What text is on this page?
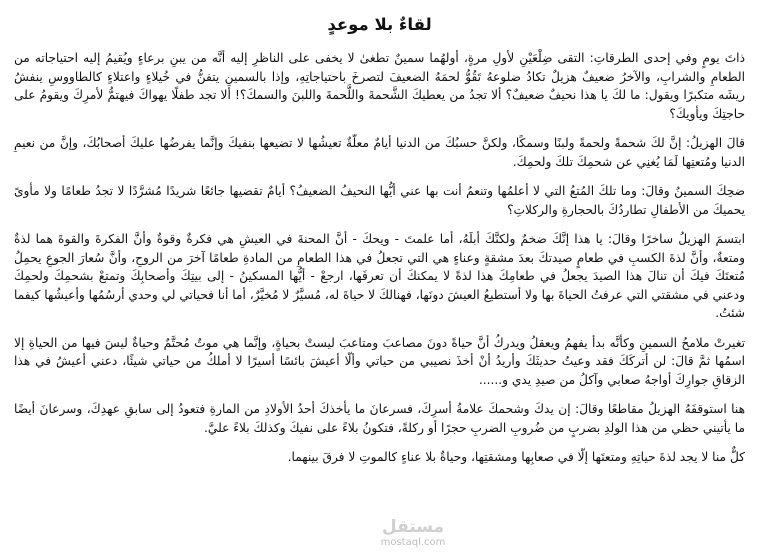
لقاءٌ بلا موعدٍ

ذاتَ يومٍ وفي إحدى الطرقاتِ: التقى ضِلْعَيْنِ لأولِ مرةٍ، أولهُما سمينٌ تطغىٰ لا يخفى على الناظرِ إليه أنَّه من يبنِ برعاءٍ ويُقيمُ إليه احتياجاته من الطعامِ والشرابِ، والآخرُ ضعيفٌ هزيلٌ تكادُ ضلوعهُ تَقُوُّ لحمَهُ الضعيفَ لتصرخَ باحتياجاتِهِ، وإذا بالسمينِ يتفنُّ في خُيلاءٍ واعتلاءٍ كالطاووسِ ينفشُ ريشَه متكبرًا ويقول: ما لكَ يا هذا نحيفٌ ضعيفٌ؟ ألا تجدُ من يعطيكَ الشَّحمةَ واللَّحمةَ واللبنَ والسمكَ؟! ألا تجد طفلًا يهواكَ فيهتمُّ لأمرِكَ ويقومُ على حاجتِكَ ويأويكَ؟

قالَ الهزيلُ: إنَّ لكَ شحمةً ولحمةً ولبنًا وسمكًا، ولكنَّ حسبُكَ من الدنيا أيامٌ معلّةٌ تعيشُها لا تضيعها بنفيكَ وإنَّما يفرضُها عليكَ أصحابُكَ، وإنَّ من نعيمِ الدنيا ومُتعتِها لَمَا يُغنِي عن شحمِكَ تلكَ ولحمِكَ.

ضحِكَ السمينُ وقالَ: وما تلكَ المُتعُ التي لا أعلمُها وتنعمُ أنت بها عني أيُّها النحيفُ الضعيفُ؟ أيامٌ تقضيها جائعًا شريدًا مُشرَّدًا لا تجدُ طعامًا ولا مأوىً يحميكَ من الأطفالِ تطاردُكَ بالحجارةِ والركلاتِ؟

ابتسمَ الهزيلُ ساخرًا وقالَ: يا هذا إنَّكَ ضخمٌ ولكنَّكَ أبلَهُ، أما علمتَ - ويحكَ - أنَّ المحنةَ في العيشِ هي فكرةٌ وقوةٌ وأنَّ الفكرةَ والقوةَ هما لذةٌ ومتعةٌ، وأنَّ لذةَ الكسبِ في طعامٍ صيدتكَ بعدَ مشقةٍ وعناءٍ هي التي تجعلُ في هذا الطعامِ من المادةِ طعامًا آخرَ من الروحِ، وأنَّ سُعارَ الجوعِ يحمِلُ مُتعتَكَ فيكَ أن تنالَ هذا الصيدَ يجعلُ في طعامِكَ هذا لذةً لا يمكنكَ أن تعرفَها، ارجعْ - أيُّها المسكينُ - إلى بيتِكَ وأصحابِكَ وتمتعْ بشحمِكَ ولحمِكَ ودعني في مشقتي التي عرفتُ الحياةَ بها ولا أستطيعُ العيشَ دونَها، فهنالكَ لا حياةَ له، مُسيَّرٌ لا مُخيَّرٌ، أما أنا فحياتي لي وحدي أرسُمُها وأعيشُها كيفما شئتُ.

تغيرتْ ملامحُ السمينِ وكأنَّه بدأ يفهمُ ويعقلُ ويدركُ أنَّ حياةً دونَ مصاعبَ ومتاعبَ ليستْ بحياةٍ، وإنَّما هي موتٌ مُحتَّمٌ وحياةٌ ليسَ فيها من الحياةِ إلا اسمُها ثمَّ قالَ: لن أتركَكَ فقد وعيتُ حديثَكَ وأريدُ أنْ أخذَ نصيبي من حياتي وألّا أعيشَ بائسًا أسيرًا لا أملكُ من حياتي شيئًا، دعني أعيشُ في هذا الزقاقِ جوارِكَ أواجهُ صعابي وآكلُ من صيدِ يدي و......

هنا استوقفَهُ الهزيلُ مقاطعًا وقالَ: إن يدكَ وشحمكَ علامةُ أسرِكَ، فسرعانَ ما يأخذكَ أحدُ الأولادِ من المارةِ فتعودُ إلى سابقِ عهدِكَ، وسرعانَ أيضًا ما يأتيني حظي من هذا الولدِ بضربٍ من ضُروبِ الضربِ حجرًا أو ركلةً، فتكونُ بلاءً على نفيكَ وكذلكَ بلاءً عليَّ.

كلٌّ منا لا يجد لذةَ حياتِهِ ومتعتَها إلّا في صعابِها ومشقتِها، وحياةٌ بلا عناءٍ كالموتِ لا فرقَ بينهما.

مستقل
mostaql.com
